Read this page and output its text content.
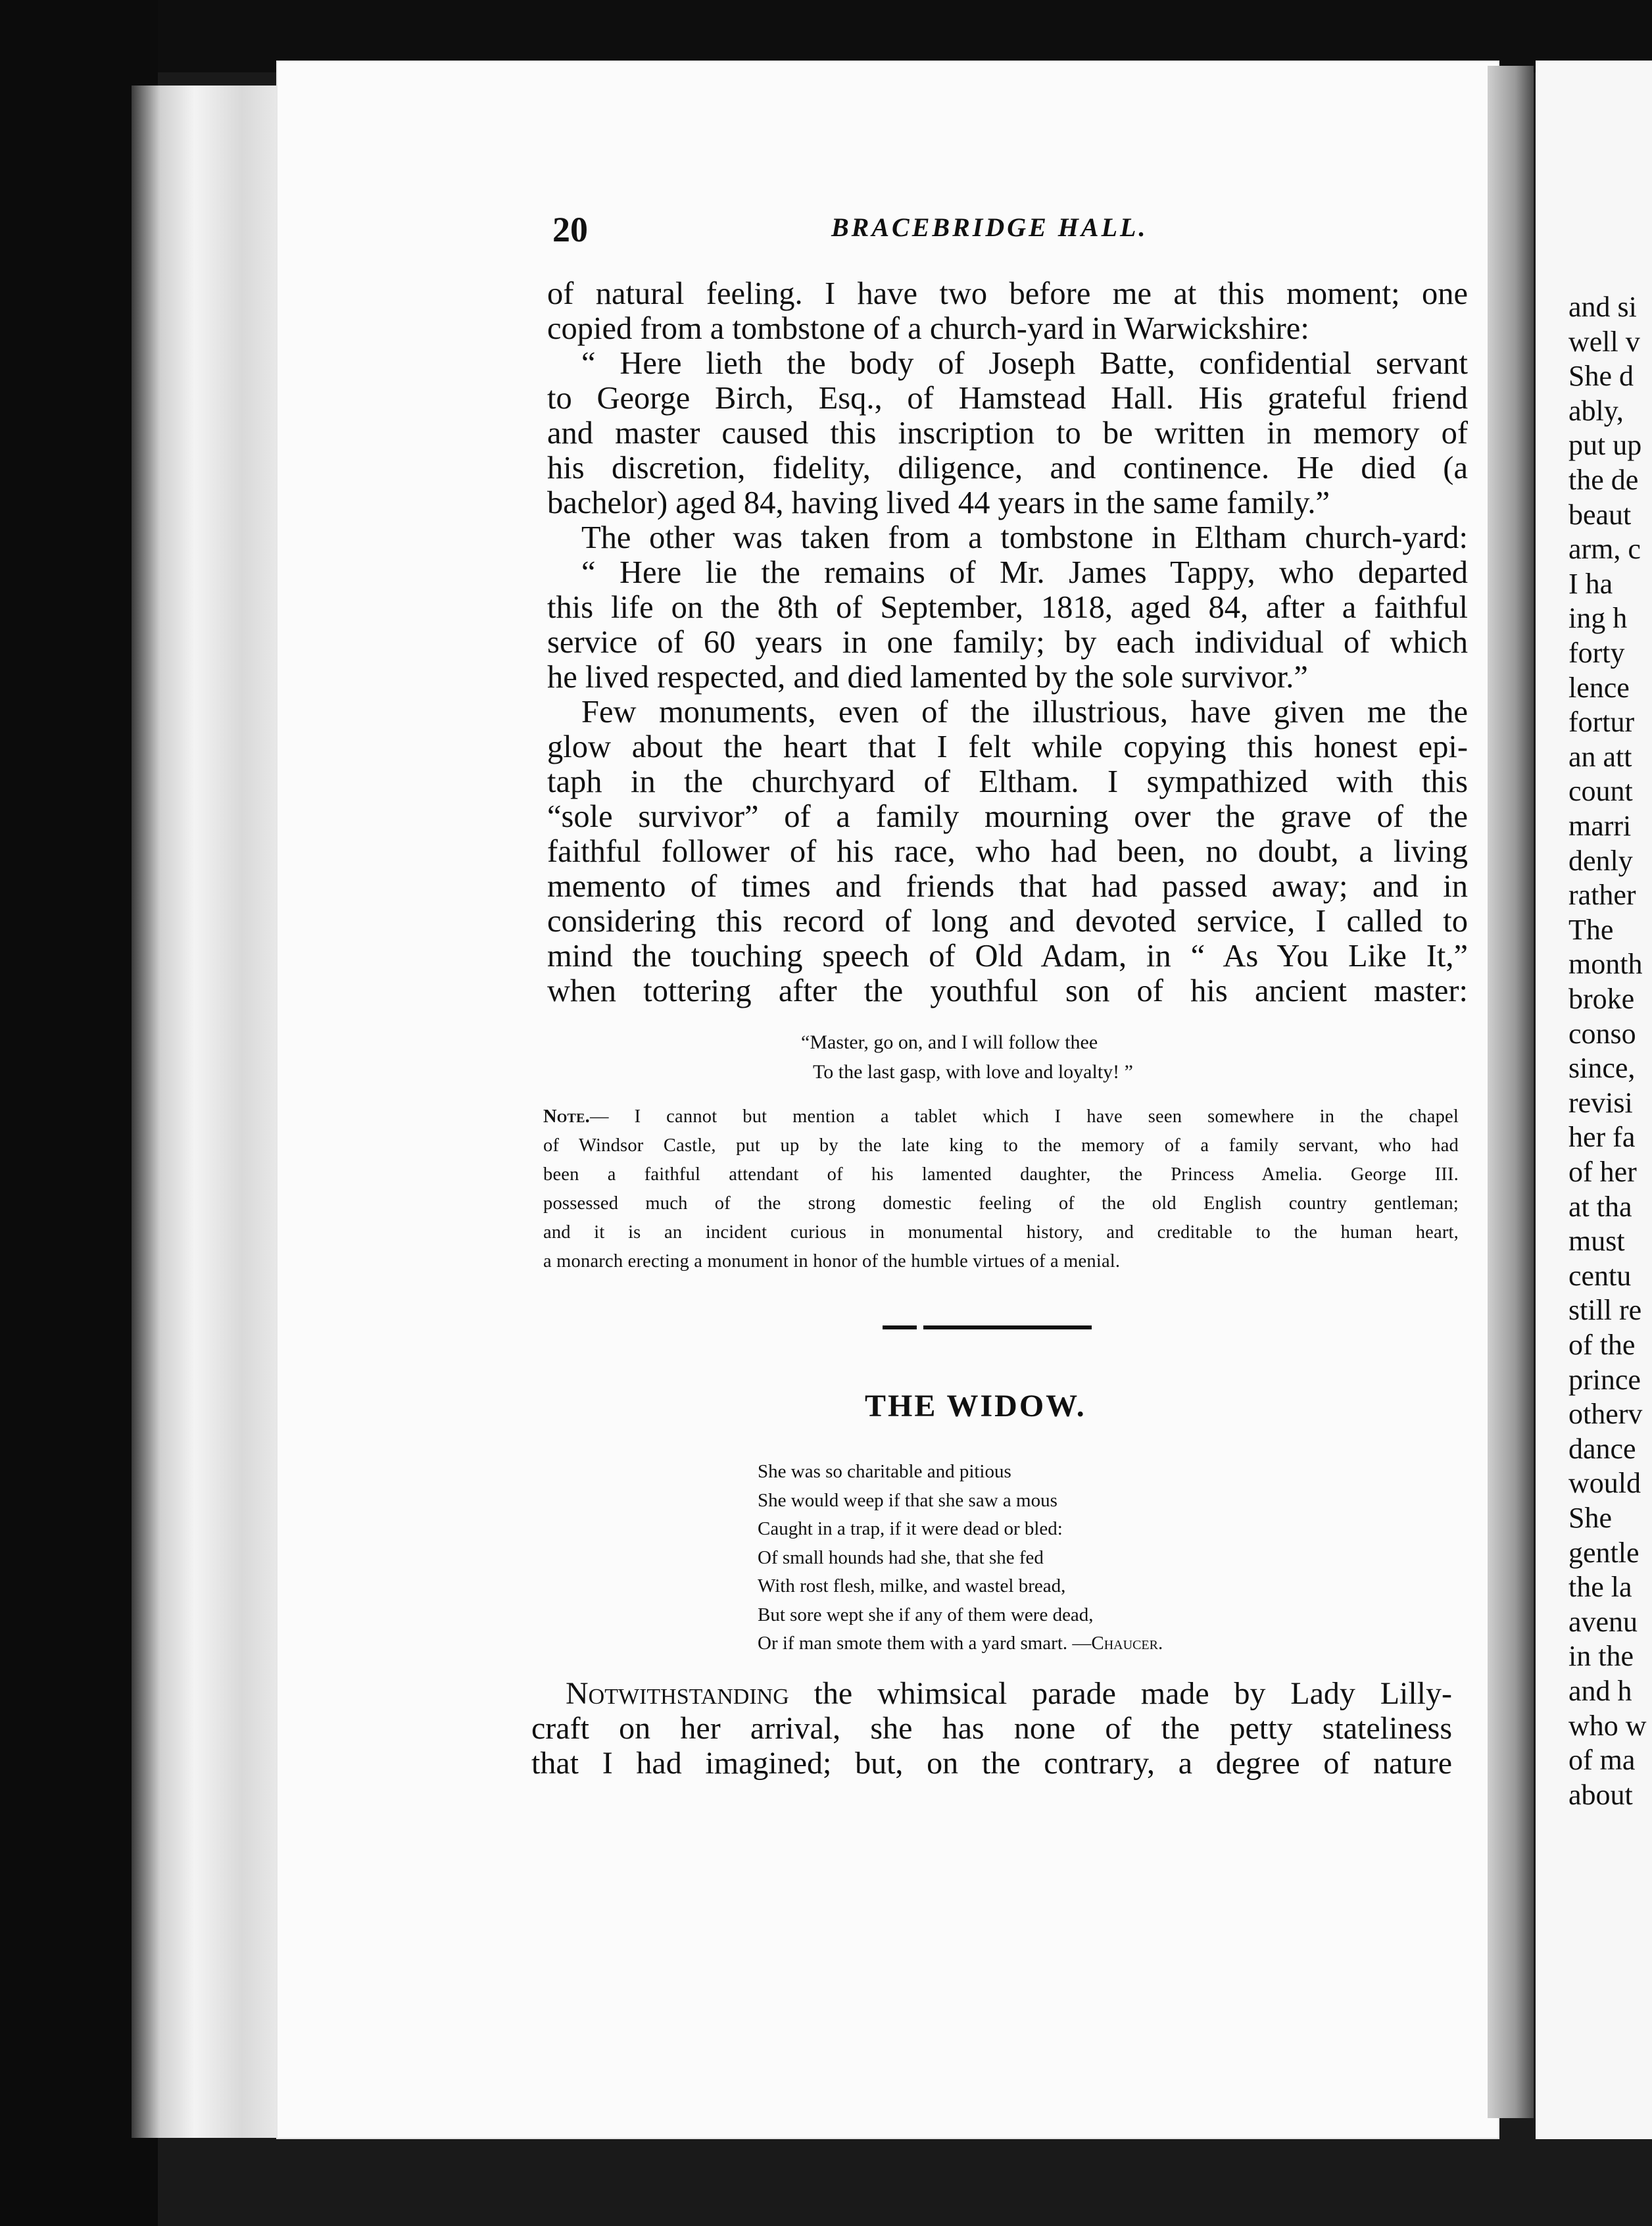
and si
well v
She d
ably,
put up
the de
beaut
arm, c
I ha
ing h
forty
lence
fortur
an att
count
marri
denly
rather
The
month
broke
conso
since,
revisi
her fa
of her
at tha
must
centu
still re
of the
prince
otherv
dance
would
She
gentle
the la
avenu
in the
and h
who w
of ma
about
20	BRACEBRIDGE HALL.
of natural feeling. I have two before me at this moment; one
copied from a tombstone of a church-yard in Warwickshire:
“ Here lieth the body of Joseph Batte, confidential servant
to George Birch, Esq., of Hamstead Hall. His grateful friend
and master caused this inscription to be written in memory of
his discretion, fidelity, diligence, and continence. He died (a
bachelor) aged 84, having lived 44 years in the same family.”
The other was taken from a tombstone in Eltham church-yard:
“ Here lie the remains of Mr. James Tappy, who departed
this life on the 8th of September, 1818, aged 84, after a faithful
service of 60 years in one family; by each individual of which
he lived respected, and died lamented by the sole survivor.”
Few monuments, even of the illustrious, have given me the
glow about the heart that I felt while copying this honest epi-
taph in the churchyard of Eltham. I sympathized with this
“sole survivor” of a family mourning over the grave of the
faithful follower of his race, who had been, no doubt, a living
memento of times and friends that had passed away; and in
considering this record of long and devoted service, I called to
mind the touching speech of Old Adam, in “ As You Like It,”
when tottering after the youthful son of his ancient master:
“Master, go on, and I will follow thee
To the last gasp, with love and loyalty! ”
Note.— I cannot but mention a tablet which I have seen somewhere in the chapel
of Windsor Castle, put up by the late king to the memory of a family servant, who had
been a faithful attendant of his lamented daughter, the Princess Amelia. George III.
possessed much of the strong domestic feeling of the old English country gentleman;
and it is an incident curious in monumental history, and creditable to the human heart,
a monarch erecting a monument in honor of the humble virtues of a menial.
THE WIDOW.
She was so charitable and pitious
She would weep if that she saw a mous
Caught in a trap, if it were dead or bled:
Of small hounds had she, that she fed
With rost flesh, milke, and wastel bread,
But sore wept she if any of them were dead,
Or if man smote them with a yard smart. —Chaucer.
Notwithstanding the whimsical parade made by Lady Lilly-
craft on her arrival, she has none of the petty stateliness
that I had imagined; but, on the contrary, a degree of nature
